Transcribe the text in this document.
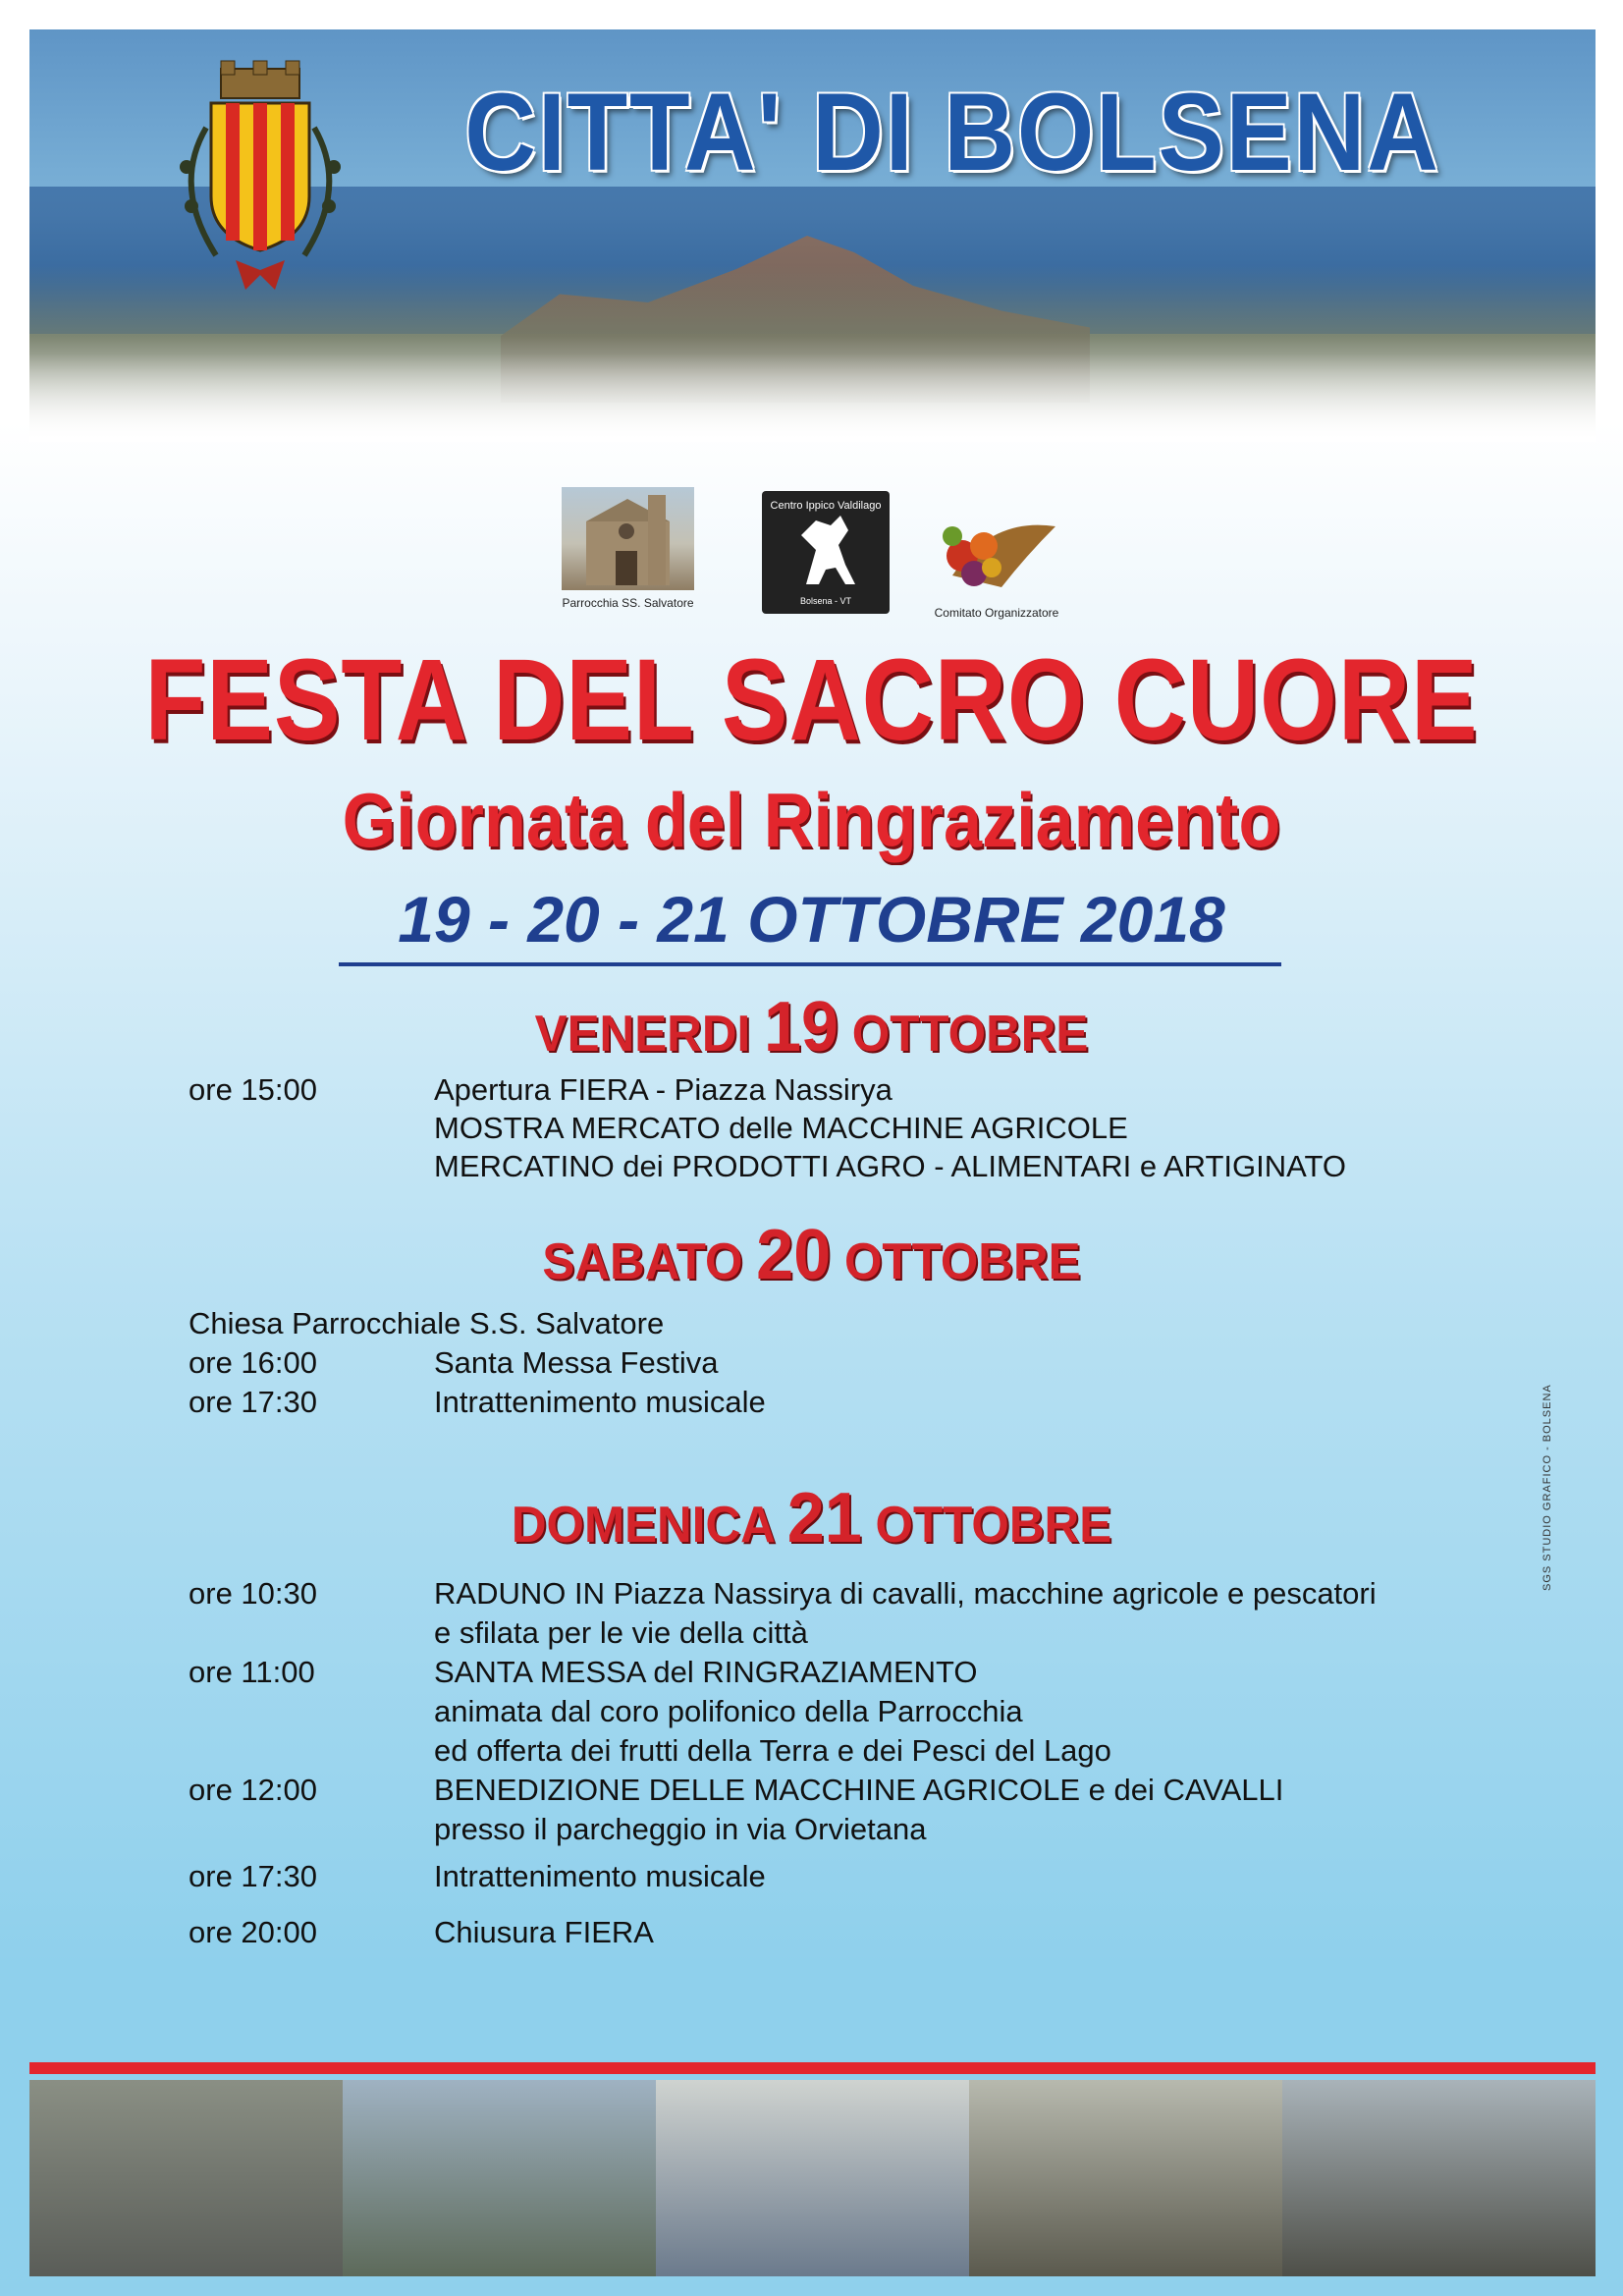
CITTA' DI BOLSENA
Parrocchia SS. Salvatore
Centro Ippico Valdilago
Bolsena - VT
Comitato Organizzatore
FESTA DEL SACRO CUORE
Giornata del Ringraziamento
19 - 20 - 21 OTTOBRE 2018
VENERDI 19 OTTOBRE
ore 15:00	Apertura FIERA - Piazza Nassirya
MOSTRA MERCATO delle MACCHINE AGRICOLE
MERCATINO dei PRODOTTI AGRO - ALIMENTARI e ARTIGINATO
SABATO 20 OTTOBRE
Chiesa Parrocchiale S.S. Salvatore
ore 16:00	Santa Messa Festiva
ore 17:30	Intrattenimento musicale
DOMENICA 21 OTTOBRE
ore 10:30	RADUNO IN Piazza Nassirya di cavalli, macchine agricole e pescatori
e sfilata per le vie della città
ore 11:00	SANTA MESSA del RINGRAZIAMENTO
animata dal coro polifonico della Parrocchia
ed offerta dei frutti della Terra e dei Pesci del Lago
ore 12:00	BENEDIZIONE DELLE MACCHINE AGRICOLE e dei CAVALLI
presso il parcheggio in via Orvietana
ore 17:30	Intrattenimento musicale
ore 20:00	Chiusura FIERA
SGS STUDIO GRAFICO - BOLSENA
